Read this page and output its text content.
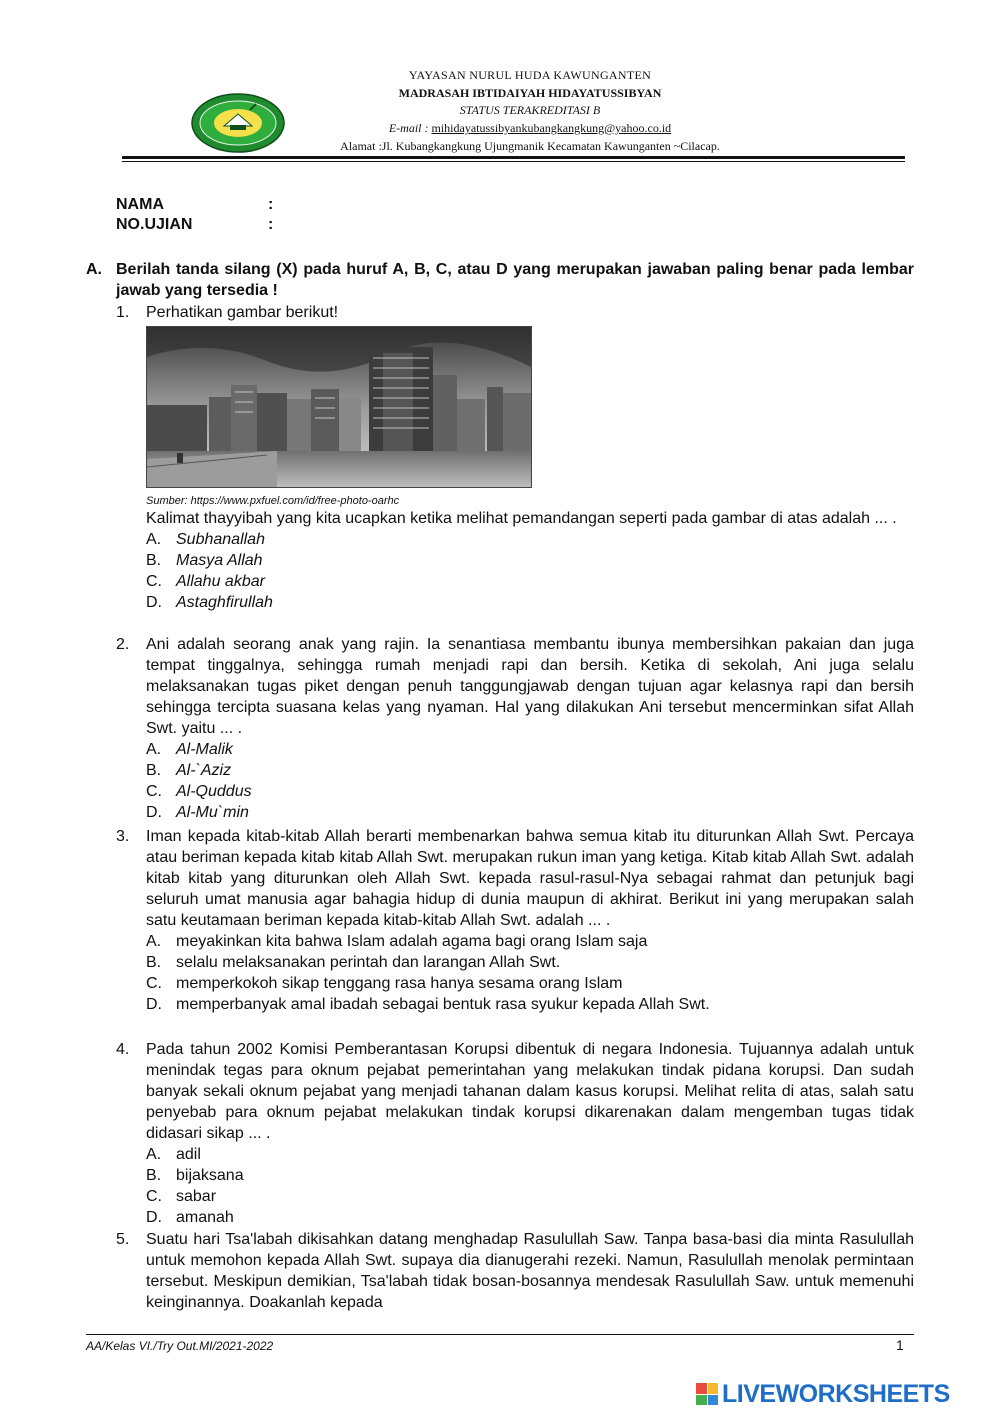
YAYASAN NURUL HUDA KAWUNGANTEN
MADRASAH IBTIDAIYAH HIDAYATUSSIBYAN
STATUS TERAKREDITASI B
E-mail : mihidayatussibyankubangkangkung@yahoo.co.id
Alamat :Jl. Kubangkangkung Ujungmanik Kecamatan Kawunganten ~Cilacap.
NAMA	:
NO.UJIAN	:
A. Berilah tanda silang (X) pada huruf A, B, C, atau D yang merupakan jawaban paling benar pada lembar jawab yang tersedia !
1. Perhatikan gambar berikut!
Sumber: https://www.pxfuel.com/id/free-photo-oarhc
Kalimat thayyibah yang kita ucapkan ketika melihat pemandangan seperti pada gambar di atas adalah ... .
A. Subhanallah
B. Masya Allah
C. Allahu akbar
D. Astaghfirullah
2. Ani adalah seorang anak yang rajin. Ia senantiasa membantu ibunya membersihkan pakaian dan juga tempat tinggalnya, sehingga rumah menjadi rapi dan bersih. Ketika di sekolah, Ani juga selalu melaksanakan tugas piket dengan penuh tanggungjawab dengan tujuan agar kelasnya rapi dan bersih sehingga tercipta suasana kelas yang nyaman. Hal yang dilakukan Ani tersebut mencerminkan sifat Allah Swt. yaitu ... .
A. Al-Malik
B. Al-`Aziz
C. Al-Quddus
D. Al-Mu`min
3. Iman kepada kitab-kitab Allah berarti membenarkan bahwa semua kitab itu diturunkan Allah Swt. Percaya atau beriman kepada kitab kitab Allah Swt. merupakan rukun iman yang ketiga. Kitab kitab Allah Swt. adalah kitab kitab yang diturunkan oleh Allah Swt. kepada rasul-rasul-Nya sebagai rahmat dan petunjuk bagi seluruh umat manusia agar bahagia hidup di dunia maupun di akhirat. Berikut ini yang merupakan salah satu keutamaan beriman kepada kitab-kitab Allah Swt. adalah ... .
A. meyakinkan kita bahwa Islam adalah agama bagi orang Islam saja
B. selalu melaksanakan perintah dan larangan Allah Swt.
C. memperkokoh sikap tenggang rasa hanya sesama orang Islam
D. memperbanyak amal ibadah sebagai bentuk rasa syukur kepada Allah Swt.
4. Pada tahun 2002 Komisi Pemberantasan Korupsi dibentuk di negara Indonesia. Tujuannya adalah untuk menindak tegas para oknum pejabat pemerintahan yang melakukan tindak pidana korupsi. Dan sudah banyak sekali oknum pejabat yang menjadi tahanan dalam kasus korupsi. Melihat relita di atas, salah satu penyebab para oknum pejabat melakukan tindak korupsi dikarenakan dalam mengemban tugas tidak didasari sikap ... .
A. adil
B. bijaksana
C. sabar
D. amanah
5. Suatu hari Tsa'labah dikisahkan datang menghadap Rasulullah Saw. Tanpa basa-basi dia minta Rasulullah untuk memohon kepada Allah Swt. supaya dia dianugerahi rezeki. Namun, Rasulullah menolak permintaan tersebut. Meskipun demikian, Tsa'labah tidak bosan-bosannya mendesak Rasulullah Saw. untuk memenuhi keinginannya. Doakanlah kepada
AA/Kelas VI./Try Out.MI/2021-2022	1
LIVEWORKSHEETS
